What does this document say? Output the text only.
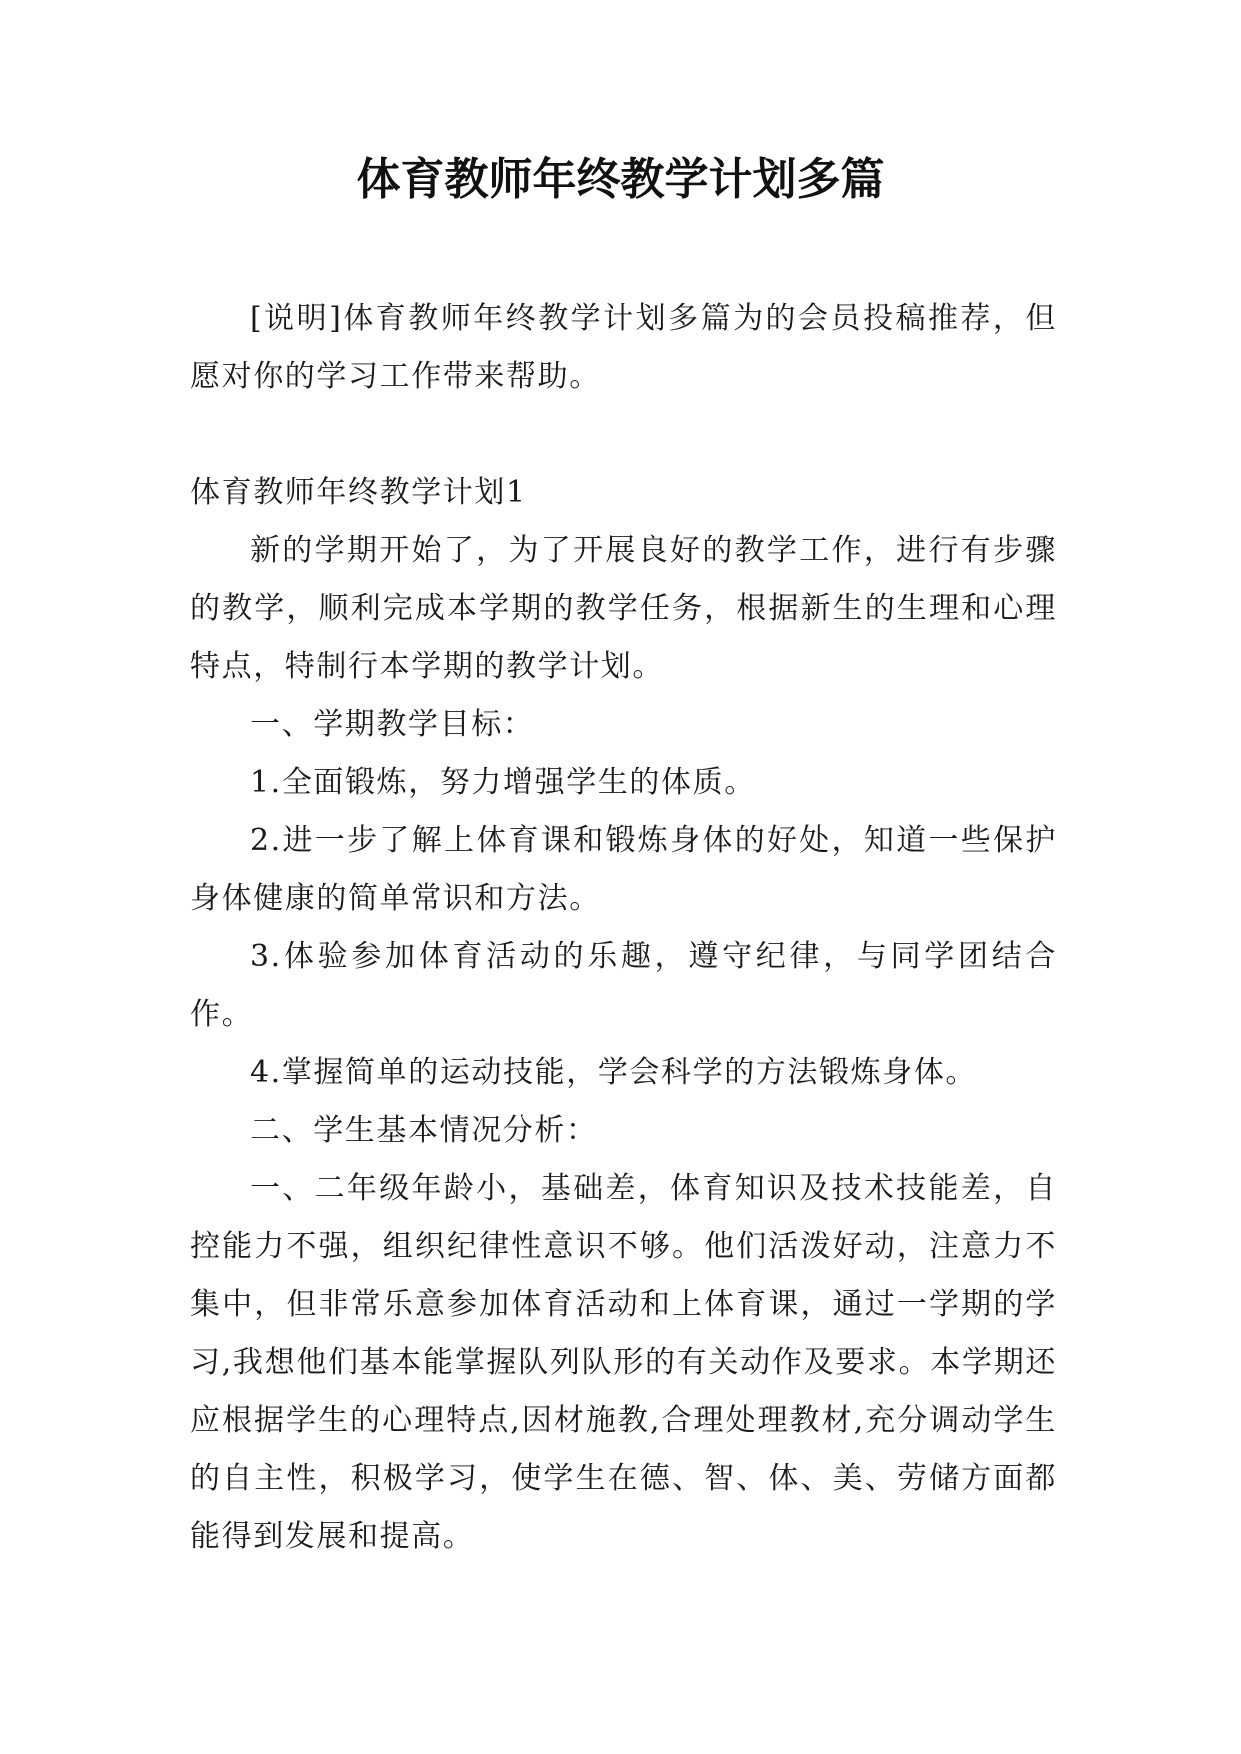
体育教师年终教学计划多篇

[说明]体育教师年终教学计划多篇为的会员投稿推荐，但愿对你的学习工作带来帮助。

体育教师年终教学计划1

新的学期开始了，为了开展良好的教学工作，进行有步骤的教学，顺利完成本学期的教学任务，根据新生的生理和心理特点，特制行本学期的教学计划。

一、学期教学目标：

1.全面锻炼，努力增强学生的体质。

2.进一步了解上体育课和锻炼身体的好处，知道一些保护身体健康的简单常识和方法。

3.体验参加体育活动的乐趣，遵守纪律，与同学团结合作。

4.掌握简单的运动技能，学会科学的方法锻炼身体。

二、学生基本情况分析：

一、二年级年龄小，基础差，体育知识及技术技能差，自控能力不强，组织纪律性意识不够。他们活泼好动，注意力不集中，但非常乐意参加体育活动和上体育课，通过一学期的学习,我想他们基本能掌握队列队形的有关动作及要求。本学期还应根据学生的心理特点,因材施教,合理处理教材,充分调动学生的自主性，积极学习，使学生在德、智、体、美、劳储方面都能得到发展和提高。
